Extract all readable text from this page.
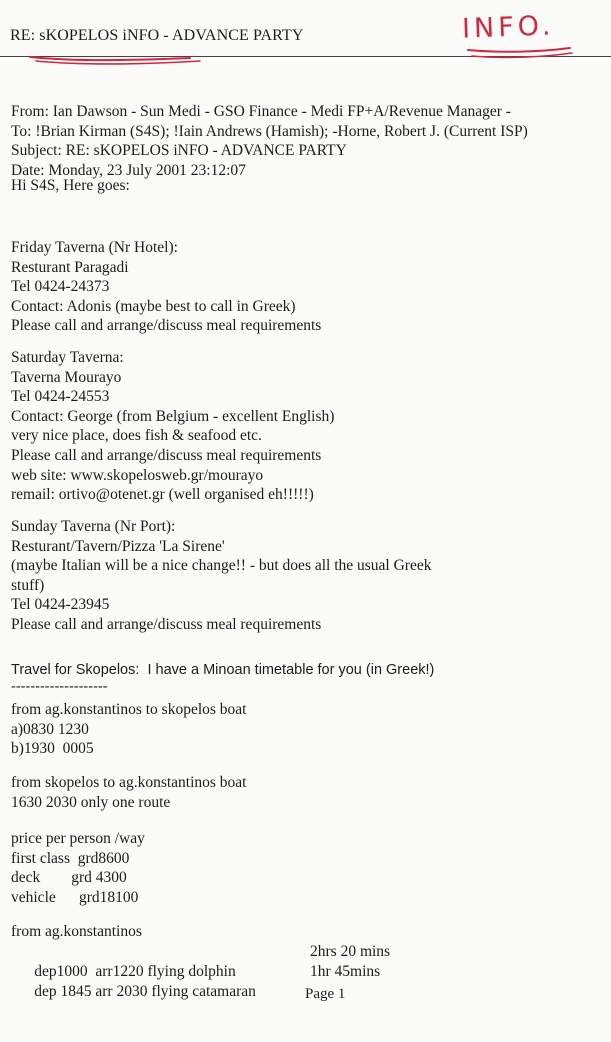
RE: sKOPELOS iNFO - ADVANCE PARTY	INFO.
From: Ian Dawson - Sun Medi - GSO Finance - Medi FP+A/Revenue Manager -
To: !Brian Kirman (S4S); !Iain Andrews (Hamish); -Horne, Robert J. (Current ISP)
Subject: RE: sKOPELOS iNFO - ADVANCE PARTY
Date: Monday, 23 July 2001 23:12:07
Hi S4S, Here goes:
Friday Taverna (Nr Hotel):
Resturant Paragadi
Tel 0424-24373
Contact: Adonis (maybe best to call in Greek)
Please call and arrange/discuss meal requirements
Saturday Taverna:
Taverna Mourayo
Tel 0424-24553
Contact: George (from Belgium - excellent English)
very nice place, does fish & seafood etc.
Please call and arrange/discuss meal requirements
web site: www.skopelosweb.gr/mourayo
remail: ortivo@otenet.gr (well organised eh!!!!!)
Sunday Taverna (Nr Port):
Resturant/Tavern/Pizza 'La Sirene'
(maybe Italian will be a nice change!! - but does all the usual Greek
stuff)
Tel 0424-23945
Please call and arrange/discuss meal requirements
Travel for Skopelos:  I have a Minoan timetable for you (in Greek!)
--------------------
from ag.konstantinos to skopelos boat
a)0830 1230
b)1930  0005
from skopelos to ag.konstantinos boat
1630 2030 only one route
price per person /way
first class  grd8600
deck        grd 4300
vehicle      grd18100
from ag.konstantinos

dep1000  arr1220 flying dolphin

2hrs 20 mins

dep 1845 arr 2030 flying catamaran

1hr 45mins

Page 1
